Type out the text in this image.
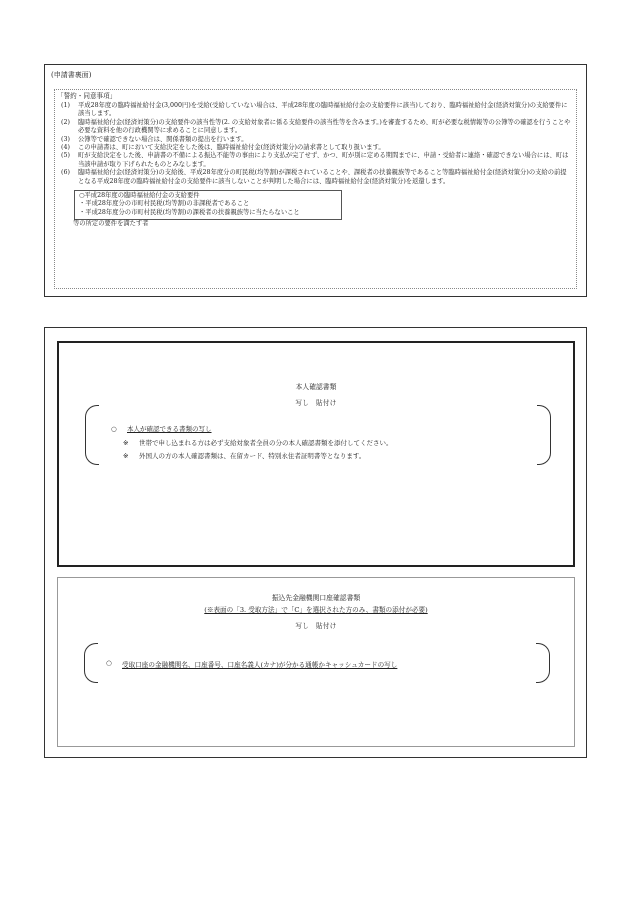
(申請書裏面)
「誓約・同意事項」
(1)	平成28年度の臨時福祉給付金(3,000円)を受給(受給していない場合は、平成28年度の臨時福祉給付金の支給要件に該当)しており、臨時福祉給付金(経済対策分)の支給要件に該当します。
(2)	臨時福祉給付金(経済対策分)の支給要件の該当性等(2. の支給対象者に係る支給要件の該当性等を含みます。)を審査するため、町が必要な税情報等の公簿等の確認を行うことや必要な資料を他の行政機関等に求めることに同意します。
(3)	公簿等で確認できない場合は、関係書類の提出を行います。
(4)	この申請書は、町において支給決定をした後は、臨時福祉給付金(経済対策分)の請求書として取り扱います。
(5)	町が支給決定をした後、申請書の不備による振込不能等の事由により支払が完了せず、かつ、町が別に定める期間までに、申請・受給者に連絡・確認できない場合には、町は当該申請が取り下げられたものとみなします。
(6)	臨時福祉給付金(経済対策分)の支給後、平成28年度分の町民税(均等割)が課税されていることや、課税者の扶養親族等であること等臨時福祉給付金(経済対策分)の支給の前提となる平成28年度の臨時福祉給付金の支給要件に該当しないことが判明した場合には、臨時福祉給付金(経済対策分)を返還します。
○平成28年度の臨時福祉給付金の支給要件
・平成28年度分の市町村民税(均等割)の非課税者であること
・平成28年度分の市町村民税(均等割)の課税者の扶養親族等に当たらないこと
等の所定の要件を満たす者
本人確認書類
写し　貼付け
○	本人が確認できる書類の写し
※	世帯で申し込まれる方は必ず支給対象者全員の分の本人確認書類を添付してください。
※	外国人の方の本人確認書類は、在留カード、特別永住者証明書等となります。
振込先金融機関口座確認書類
(※表面の「3. 受取方法」で「C」を選択された方のみ、書類の添付が必要)
写し　貼付け
○	受取口座の金融機関名、口座番号、口座名義人(カナ)が分かる通帳かキャッシュカードの写し
